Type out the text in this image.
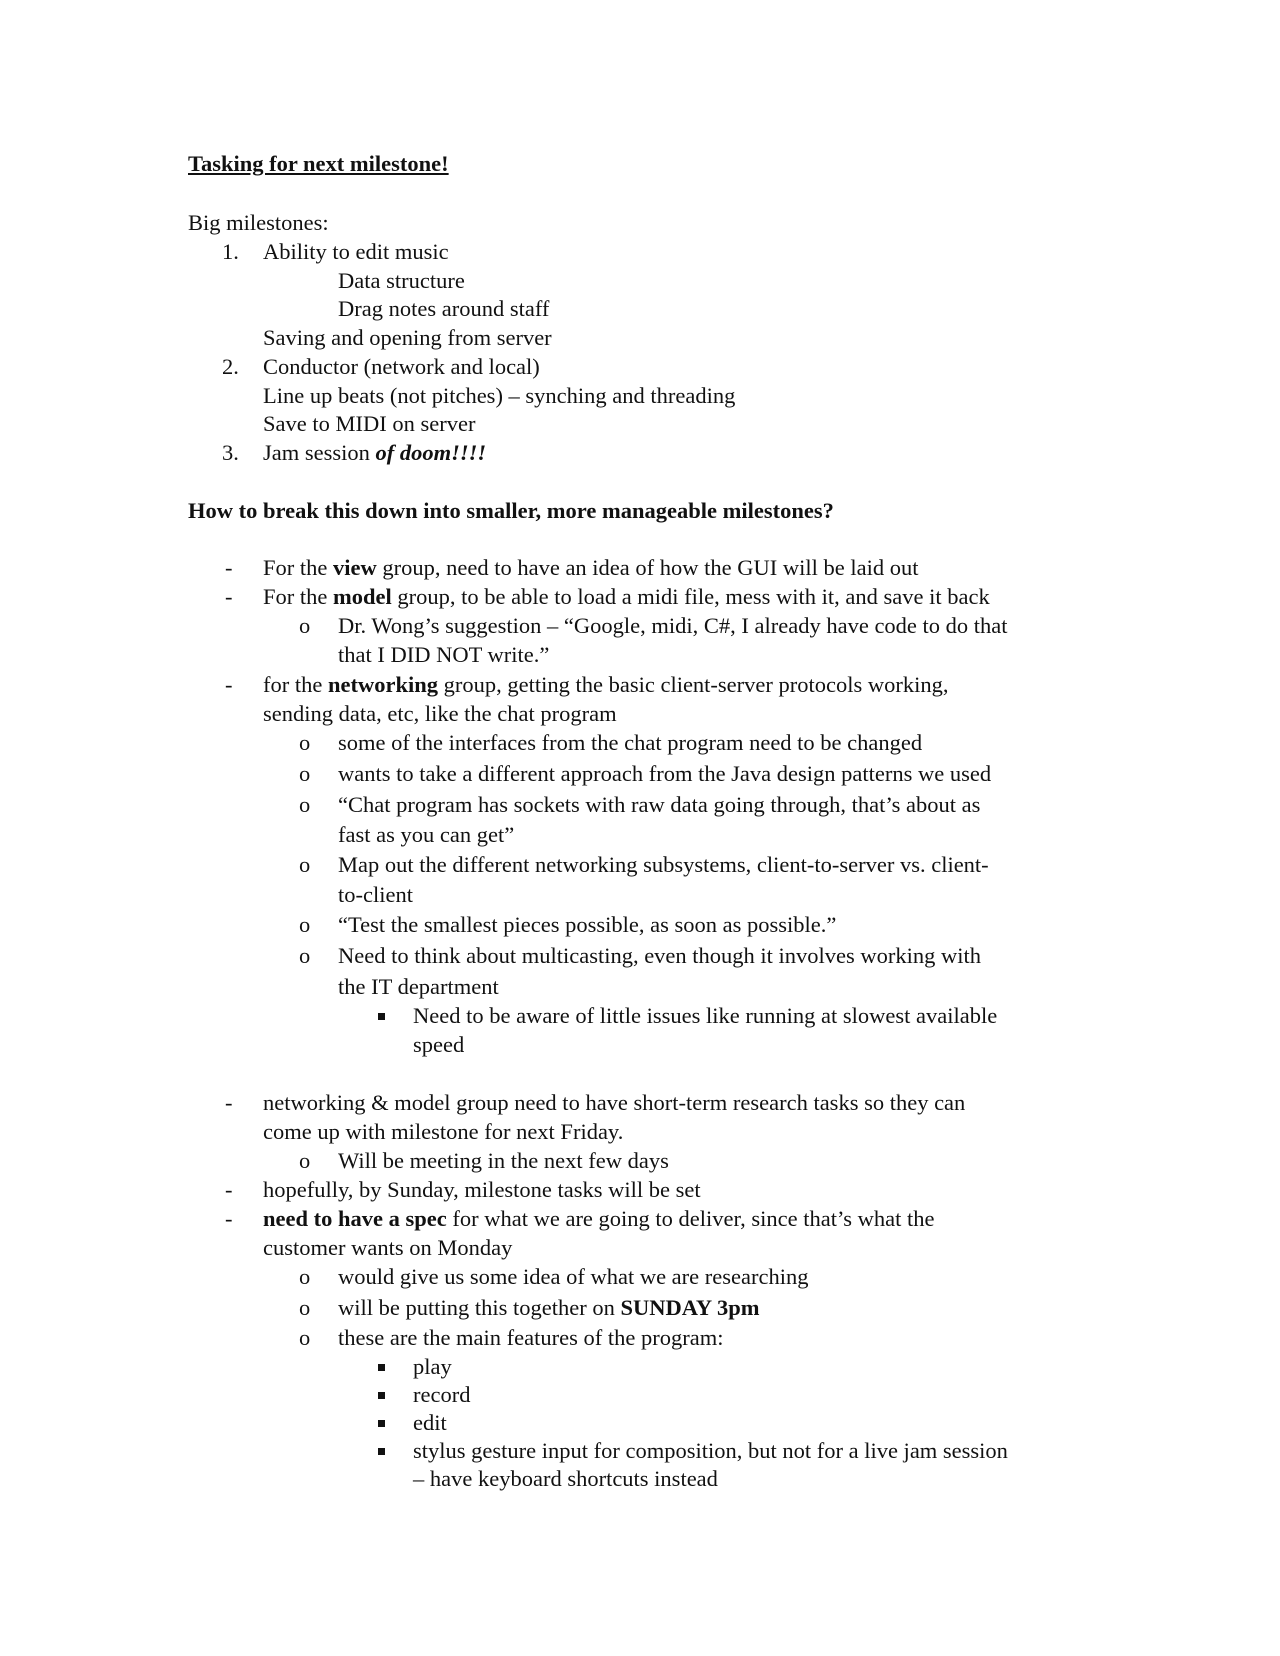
Tasking for next milestone!
Big milestones:
1. Ability to edit music
Data structure
Drag notes around staff
Saving and opening from server
2. Conductor (network and local)
Line up beats (not pitches) – synching and threading
Save to MIDI on server
3. Jam session of doom!!!!
How to break this down into smaller, more manageable milestones?
- For the view group, need to have an idea of how the GUI will be laid out
- For the model group, to be able to load a midi file, mess with it, and save it back
o Dr. Wong’s suggestion – “Google, midi, C#, I already have code to do that
that I DID NOT write.”
- for the networking group, getting the basic client-server protocols working,
sending data, etc, like the chat program
o some of the interfaces from the chat program need to be changed
o wants to take a different approach from the Java design patterns we used
o “Chat program has sockets with raw data going through, that’s about as
fast as you can get”
o Map out the different networking subsystems, client-to-server vs. client-
to-client
o “Test the smallest pieces possible, as soon as possible.”
o Need to think about multicasting, even though it involves working with
the IT department
Need to be aware of little issues like running at slowest available
speed
- networking & model group need to have short-term research tasks so they can
come up with milestone for next Friday.
o Will be meeting in the next few days
- hopefully, by Sunday, milestone tasks will be set
- need to have a spec for what we are going to deliver, since that’s what the
customer wants on Monday
o would give us some idea of what we are researching
o will be putting this together on SUNDAY 3pm
o these are the main features of the program:
play
record
edit
stylus gesture input for composition, but not for a live jam session
– have keyboard shortcuts instead
